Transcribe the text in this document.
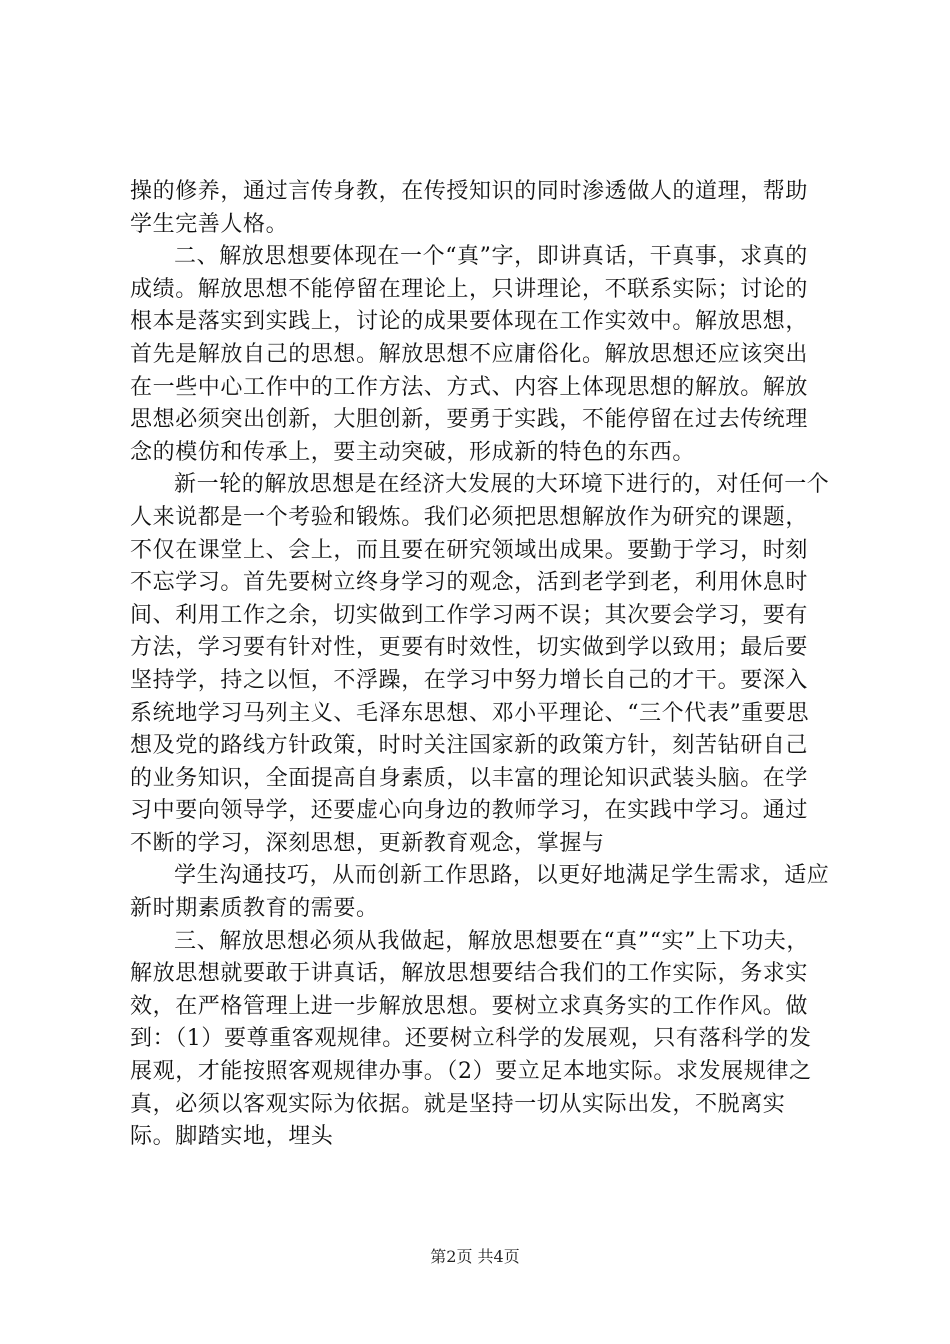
操的修养，通过言传身教，在传授知识的同时渗透做人的道理，帮助学生完善人格。

二、解放思想要体现在一个“真”字，即讲真话，干真事，求真的成绩。解放思想不能停留在理论上，只讲理论，不联系实际；讨论的根本是落实到实践上，讨论的成果要体现在工作实效中。解放思想，首先是解放自己的思想。解放思想不应庸俗化。解放思想还应该突出在一些中心工作中的工作方法、方式、内容上体现思想的解放。解放思想必须突出创新，大胆创新，要勇于实践，不能停留在过去传统理念的模仿和传承上，要主动突破，形成新的特色的东西。

新一轮的解放思想是在经济大发展的大环境下进行的，对任何一个人来说都是一个考验和锻炼。我们必须把思想解放作为研究的课题，不仅在课堂上、会上，而且要在研究领域出成果。要勤于学习，时刻不忘学习。首先要树立终身学习的观念，活到老学到老，利用休息时间、利用工作之余，切实做到工作学习两不误；其次要会学习，要有方法，学习要有针对性，更要有时效性，切实做到学以致用；最后要坚持学，持之以恒，不浮躁，在学习中努力增长自己的才干。要深入系统地学习马列主义、毛泽东思想、邓小平理论、“三个代表”重要思想及党的路线方针政策，时时关注国家新的政策方针，刻苦钻研自己的业务知识，全面提高自身素质，以丰富的理论知识武装头脑。在学习中要向领导学，还要虚心向身边的教师学习，在实践中学习。通过不断的学习，深刻思想，更新教育观念，掌握与

学生沟通技巧，从而创新工作思路，以更好地满足学生需求，适应新时期素质教育的需要。

三、解放思想必须从我做起，解放思想要在“真”“实”上下功夫，解放思想就要敢于讲真话，解放思想要结合我们的工作实际，务求实效，在严格管理上进一步解放思想。要树立求真务实的工作作风。做到：（1）要尊重客观规律。还要树立科学的发展观，只有落科学的发展观，才能按照客观规律办事。（2）要立足本地实际。求发展规律之真，必须以客观实际为依据。就是坚持一切从实际出发，不脱离实际。脚踏实地，埋头

第2页 共4页
